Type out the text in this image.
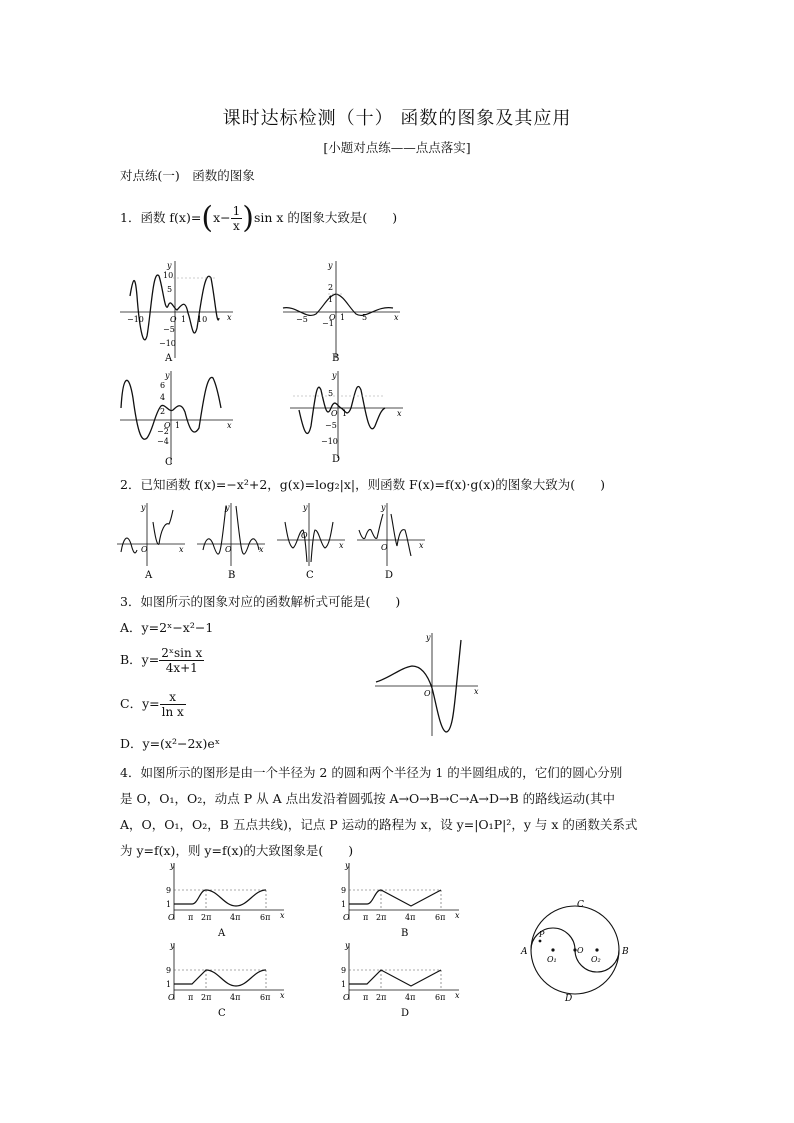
课时达标检测（十） 函数的图象及其应用
[小题对点练——点点落实]
对点练(一)　函数的图象
1．函数 $f(x)=(x- \frac{1}{x} )\sin$ x 的图象大致是(　　)
10
5
−5
−10
−10	O 1 10 x
y
A
2
1
−1
−5	O 1 5	x
y
B
6
4
2
−2
−4
O 1	x
y
C
5
−5
−10
O 1	x
y
D
2．已知函数 f(x)=−x²+2，g(x)=log₂|x|，则函数 F(x)=f(x)·g(x)的图象大致为(　　)
O	x
y
A
O	x
y
B
O
x
y
C
O	x
y
D
3．如图所示的图象对应的函数解析式可能是(　　)
A．y=2ˣ−x²−1
B．$y= \frac{\text{2ˣsin x}}{4x+1}$
C．$y= \frac{x}{\text{ln x}}$
D．y=(x²−2x)eˣ
O	x
y
4．如图所示的图形是由一个半径为 2 的圆和两个半径为 1 的半圆组成的，它们的圆心分别
是 O，O₁，O₂，动点 P 从 A 点出发沿着圆弧按 A→O→B→C→A→D→B 的路线运动(其中
A，O，O₁，O₂，B 五点共线)，记点 P 运动的路程为 x，设 y=|O₁P|²，y 与 x 的函数关系式
为 y=f(x)，则 y=f(x)的大致图象是(　　)
9
1
O π 2π 4π 6π x
y
A
9
1
O π 2π 4π 6π x
y
B
9
1
O π 2π 4π 6π x
y
C
9
1
O π 2π 4π 6π x
y
D
A	B
C
D
P
O
O₁	O₂
